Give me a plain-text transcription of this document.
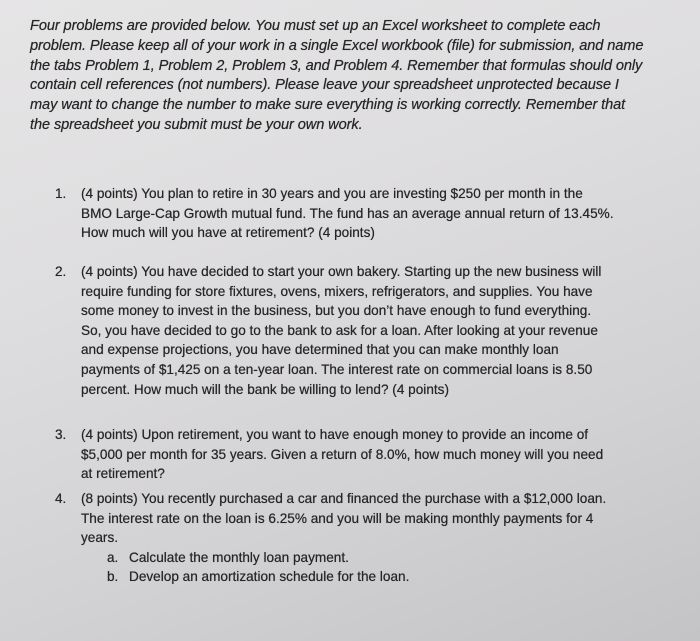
Four problems are provided below. You must set up an Excel worksheet to complete each
problem. Please keep all of your work in a single Excel workbook (file) for submission, and name
the tabs Problem 1, Problem 2, Problem 3, and Problem 4. Remember that formulas should only
contain cell references (not numbers). Please leave your spreadsheet unprotected because I
may want to change the number to make sure everything is working correctly. Remember that
the spreadsheet you submit must be your own work.
1. (4 points) You plan to retire in 30 years and you are investing $250 per month in the
BMO Large-Cap Growth mutual fund. The fund has an average annual return of 13.45%.
How much will you have at retirement? (4 points)
2. (4 points) You have decided to start your own bakery. Starting up the new business will
require funding for store fixtures, ovens, mixers, refrigerators, and supplies. You have
some money to invest in the business, but you don’t have enough to fund everything.
So, you have decided to go to the bank to ask for a loan. After looking at your revenue
and expense projections, you have determined that you can make monthly loan
payments of $1,425 on a ten-year loan. The interest rate on commercial loans is 8.50
percent. How much will the bank be willing to lend? (4 points)
3. (4 points) Upon retirement, you want to have enough money to provide an income of
$5,000 per month for 35 years. Given a return of 8.0%, how much money will you need
at retirement?
4. (8 points) You recently purchased a car and financed the purchase with a $12,000 loan.
The interest rate on the loan is 6.25% and you will be making monthly payments for 4
years.
a. Calculate the monthly loan payment.
b. Develop an amortization schedule for the loan.
